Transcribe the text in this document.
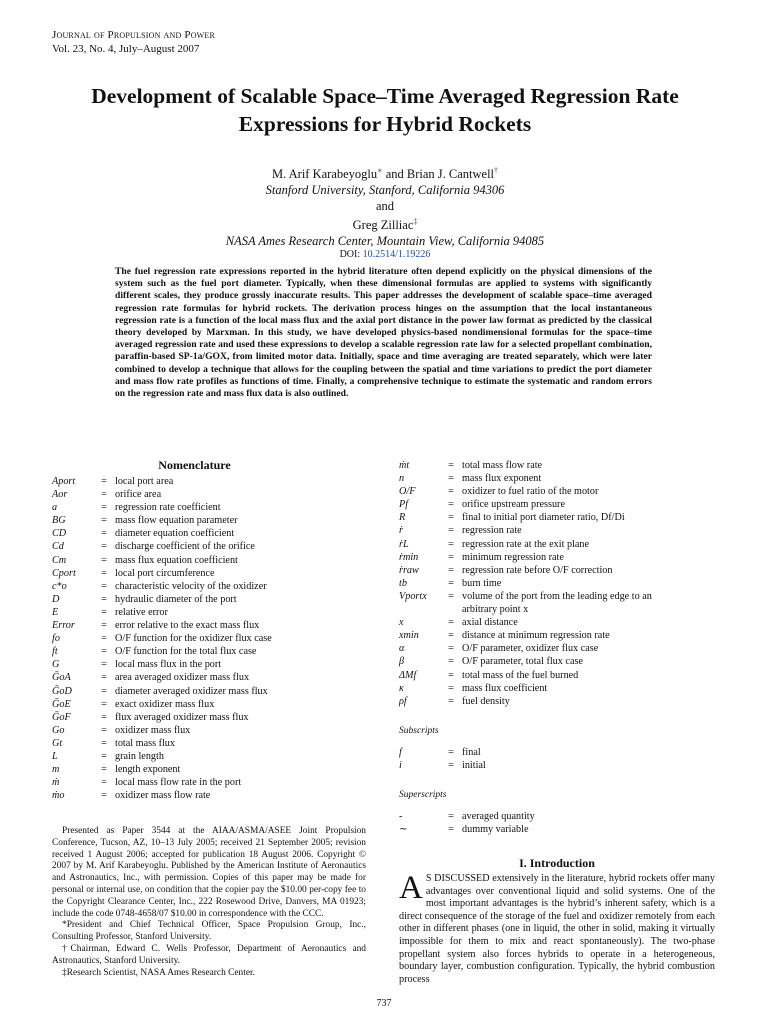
Journal of Propulsion and Power
Vol. 23, No. 4, July–August 2007
Development of Scalable Space–Time Averaged Regression Rate Expressions for Hybrid Rockets
M. Arif Karabeyoglu∗ and Brian J. Cantwell†
Stanford University, Stanford, California 94306
and
Greg Zilliac‡
NASA Ames Research Center, Mountain View, California 94085
DOI: 10.2514/1.19226
The fuel regression rate expressions reported in the hybrid literature often depend explicitly on the physical dimensions of the system such as the fuel port diameter. Typically, when these dimensional formulas are applied to systems with significantly different scales, they produce grossly inaccurate results. This paper addresses the development of scalable space–time averaged regression rate formulas for hybrid rockets. The derivation process hinges on the assumption that the local instantaneous regression rate is a function of the local mass flux and the axial port distance in the power law format as predicted by the classical theory developed by Marxman. In this study, we have developed physics-based nondimensional formulas for the space–time averaged regression rate and used these expressions to develop a scalable regression rate law for a selected propellant combination, paraffin-based SP-1a/GOX, from limited motor data. Initially, space and time averaging are treated separately, which were later combined to develop a technique that allows for the coupling between the spatial and time variations to predict the port diameter and mass flow rate profiles as functions of time. Finally, a comprehensive technique to estimate the systematic and random errors on the regression rate and mass flux data is also outlined.
Nomenclature
Aport	=	local port area
Aor	=	orifice area
a	=	regression rate coefficient
BG	=	mass flow equation parameter
CD	=	diameter equation coefficient
Cd	=	discharge coefficient of the orifice
Cm	=	mass flux equation coefficient
Cport	=	local port circumference
c*o	=	characteristic velocity of the oxidizer
D	=	hydraulic diameter of the port
E	=	relative error
Error	=	error relative to the exact mass flux
fo	=	O/F function for the oxidizer flux case
ft	=	O/F function for the total flux case
G	=	local mass flux in the port
ḠoA	=	area averaged oxidizer mass flux
ḠoD	=	diameter averaged oxidizer mass flux
ḠoE	=	exact oxidizer mass flux
ḠoF	=	flux averaged oxidizer mass flux
Go	=	oxidizer mass flux
Gt	=	total mass flux
L	=	grain length
m	=	length exponent
ṁ	=	local mass flow rate in the port
ṁo	=	oxidizer mass flow rate
ṁt	=	total mass flow rate
n	=	mass flux exponent
O/F	=	oxidizer to fuel ratio of the motor
Pf	=	orifice upstream pressure
R	=	final to initial port diameter ratio, Df/Di
ṙ	=	regression rate
ṙL	=	regression rate at the exit plane
ṙmin	=	minimum regression rate
ṙraw	=	regression rate before O/F correction
tb	=	burn time
Vportx	=	volume of the port from the leading edge to an
		arbitrary point x
x	=	axial distance
xmin	=	distance at minimum regression rate
α	=	O/F parameter, oxidizer flux case
β	=	O/F parameter, total flux case
ΔMf	=	total mass of the fuel burned
κ	=	mass flux coefficient
ρf	=	fuel density
Subscripts		
f	=	final
i	=	initial
Superscripts		
-	=	averaged quantity
∼	=	dummy variable

Presented as Paper 3544 at the AIAA/ASMA/ASEE Joint Propulsion Conference, Tucson, AZ, 10–13 July 2005; received 21 September 2005; revision received 1 August 2006; accepted for publication 18 August 2006. Copyright © 2007 by M. Arif Karabeyoglu. Published by the American Institute of Aeronautics and Astronautics, Inc., with permission. Copies of this paper may be made for personal or internal use, on condition that the copier pay the $10.00 per-copy fee to the Copyright Clearance Center, Inc., 222 Rosewood Drive, Danvers, MA 01923; include the code 0748-4658/07 $10.00 in correspondence with the CCC.

*President and Chief Technical Officer, Space Propulsion Group, Inc., Consulting Professor, Stanford University.

†Chairman, Edward C. Wells Professor, Department of Aeronautics and Astronautics, Stanford University.

‡Research Scientist, NASA Ames Research Center.

I. Introduction
A S DISCUSSED extensively in the literature, hybrid rockets offer many advantages over conventional liquid and solid systems. One of the most important advantages is the hybrid’s inherent safety, which is a direct consequence of the storage of the fuel and oxidizer remotely from each other in different phases (one in liquid, the other in solid, making it virtually impossible for them to mix and react spontaneously). The two-phase propellant system also forces hybrids to operate in a heterogeneous, boundary layer, combustion configuration. Typically, the hybrid combustion process
737
